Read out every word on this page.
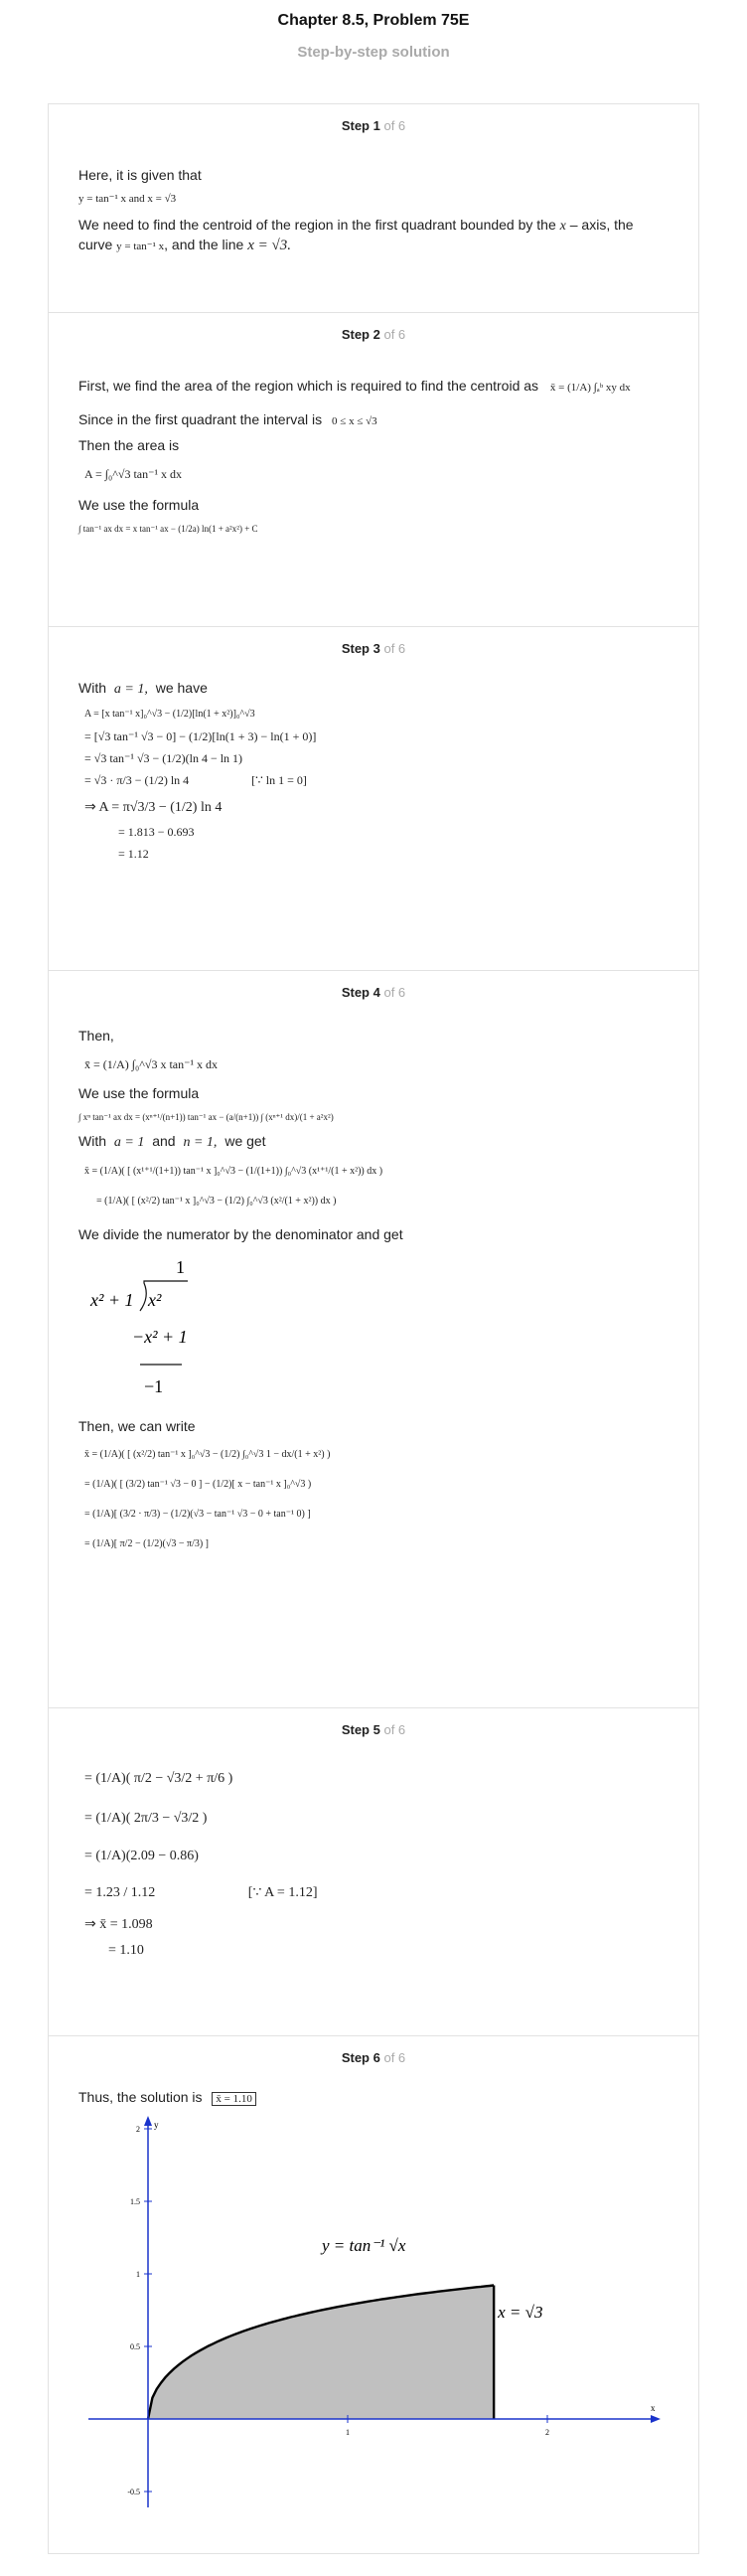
Chapter 8.5, Problem 75E
Step-by-step solution
Step 1 of 6
Here, it is given that
y = tan⁻¹ x and x = √3
We need to find the centroid of the region in the first quadrant bounded by the x – axis, the curve y = tan⁻¹ x, and the line x = √3.
Step 2 of 6
First, we find the area of the region which is required to find the centroid as x̄ = (1/A) ∫ₐᵇ xy dx
Since in the first quadrant the interval is 0 ≤ x ≤ √3
Then the area is
A = ∫₀^√3 tan⁻¹ x dx
We use the formula
∫ tan⁻¹ ax dx = x tan⁻¹ ax − (1/2a) ln(1 + a²x²) + C
Step 3 of 6
With a = 1, we have
A = [x tan⁻¹ x]₀^√3 − (1/2)[ln(1 + x²)]₀^√3
= [√3 tan⁻¹ √3 − 0] − (1/2)[ln(1 + 3) − ln(1 + 0)]
= √3 tan⁻¹ √3 − (1/2)(ln 4 − ln 1)
= √3 · π/3 − (1/2) ln 4	[∵ ln 1 = 0]
⇒ A = π√3/3 − (1/2) ln 4
= 1.813 − 0.693
= 1.12
Step 4 of 6
Then,
x̄ = (1/A) ∫₀^√3 x tan⁻¹ x dx
We use the formula
∫ xⁿ tan⁻¹ ax dx = (xⁿ⁺¹/(n+1)) tan⁻¹ ax − (a/(n+1)) ∫ (xⁿ⁺¹ dx)/(1 + a²x²)
With a = 1 and n = 1, we get
x̄ = (1/A)( [ (x¹⁺¹/(1+1)) tan⁻¹ x ]₀^√3 − (1/(1+1)) ∫₀^√3 (x¹⁺¹/(1 + x²)) dx )
= (1/A)( [ (x²/2) tan⁻¹ x ]₀^√3 − (1/2) ∫₀^√3 (x²/(1 + x²)) dx )
We divide the numerator by the denominator and get
1
x² + 1 x²
−x² + 1
−1
Then, we can write
x̄ = (1/A)( [ (x²/2) tan⁻¹ x ]₀^√3 − (1/2) ∫₀^√3 1 − dx/(1 + x²) )
= (1/A)( [ (3/2) tan⁻¹ √3 − 0 ] − (1/2)[ x − tan⁻¹ x ]₀^√3 )
= (1/A)[ (3/2 · π/3) − (1/2)(√3 − tan⁻¹ √3 − 0 + tan⁻¹ 0) ]
= (1/A)[ π/2 − (1/2)(√3 − π/3) ]
Step 5 of 6
= (1/A)( π/2 − √3/2 + π/6 )
= (1/A)( 2π/3 − √3/2 )
= (1/A)(2.09 − 0.86)
= 1.23 / 1.12	[∵ A = 1.12]
⇒ x̄ = 1.098
= 1.10
Step 6 of 6
Thus, the solution is x̄ = 1.10
2
1.5
1
0.5
-0.5
1	2
y
x
y = tan⁻¹ √x
x = √3
